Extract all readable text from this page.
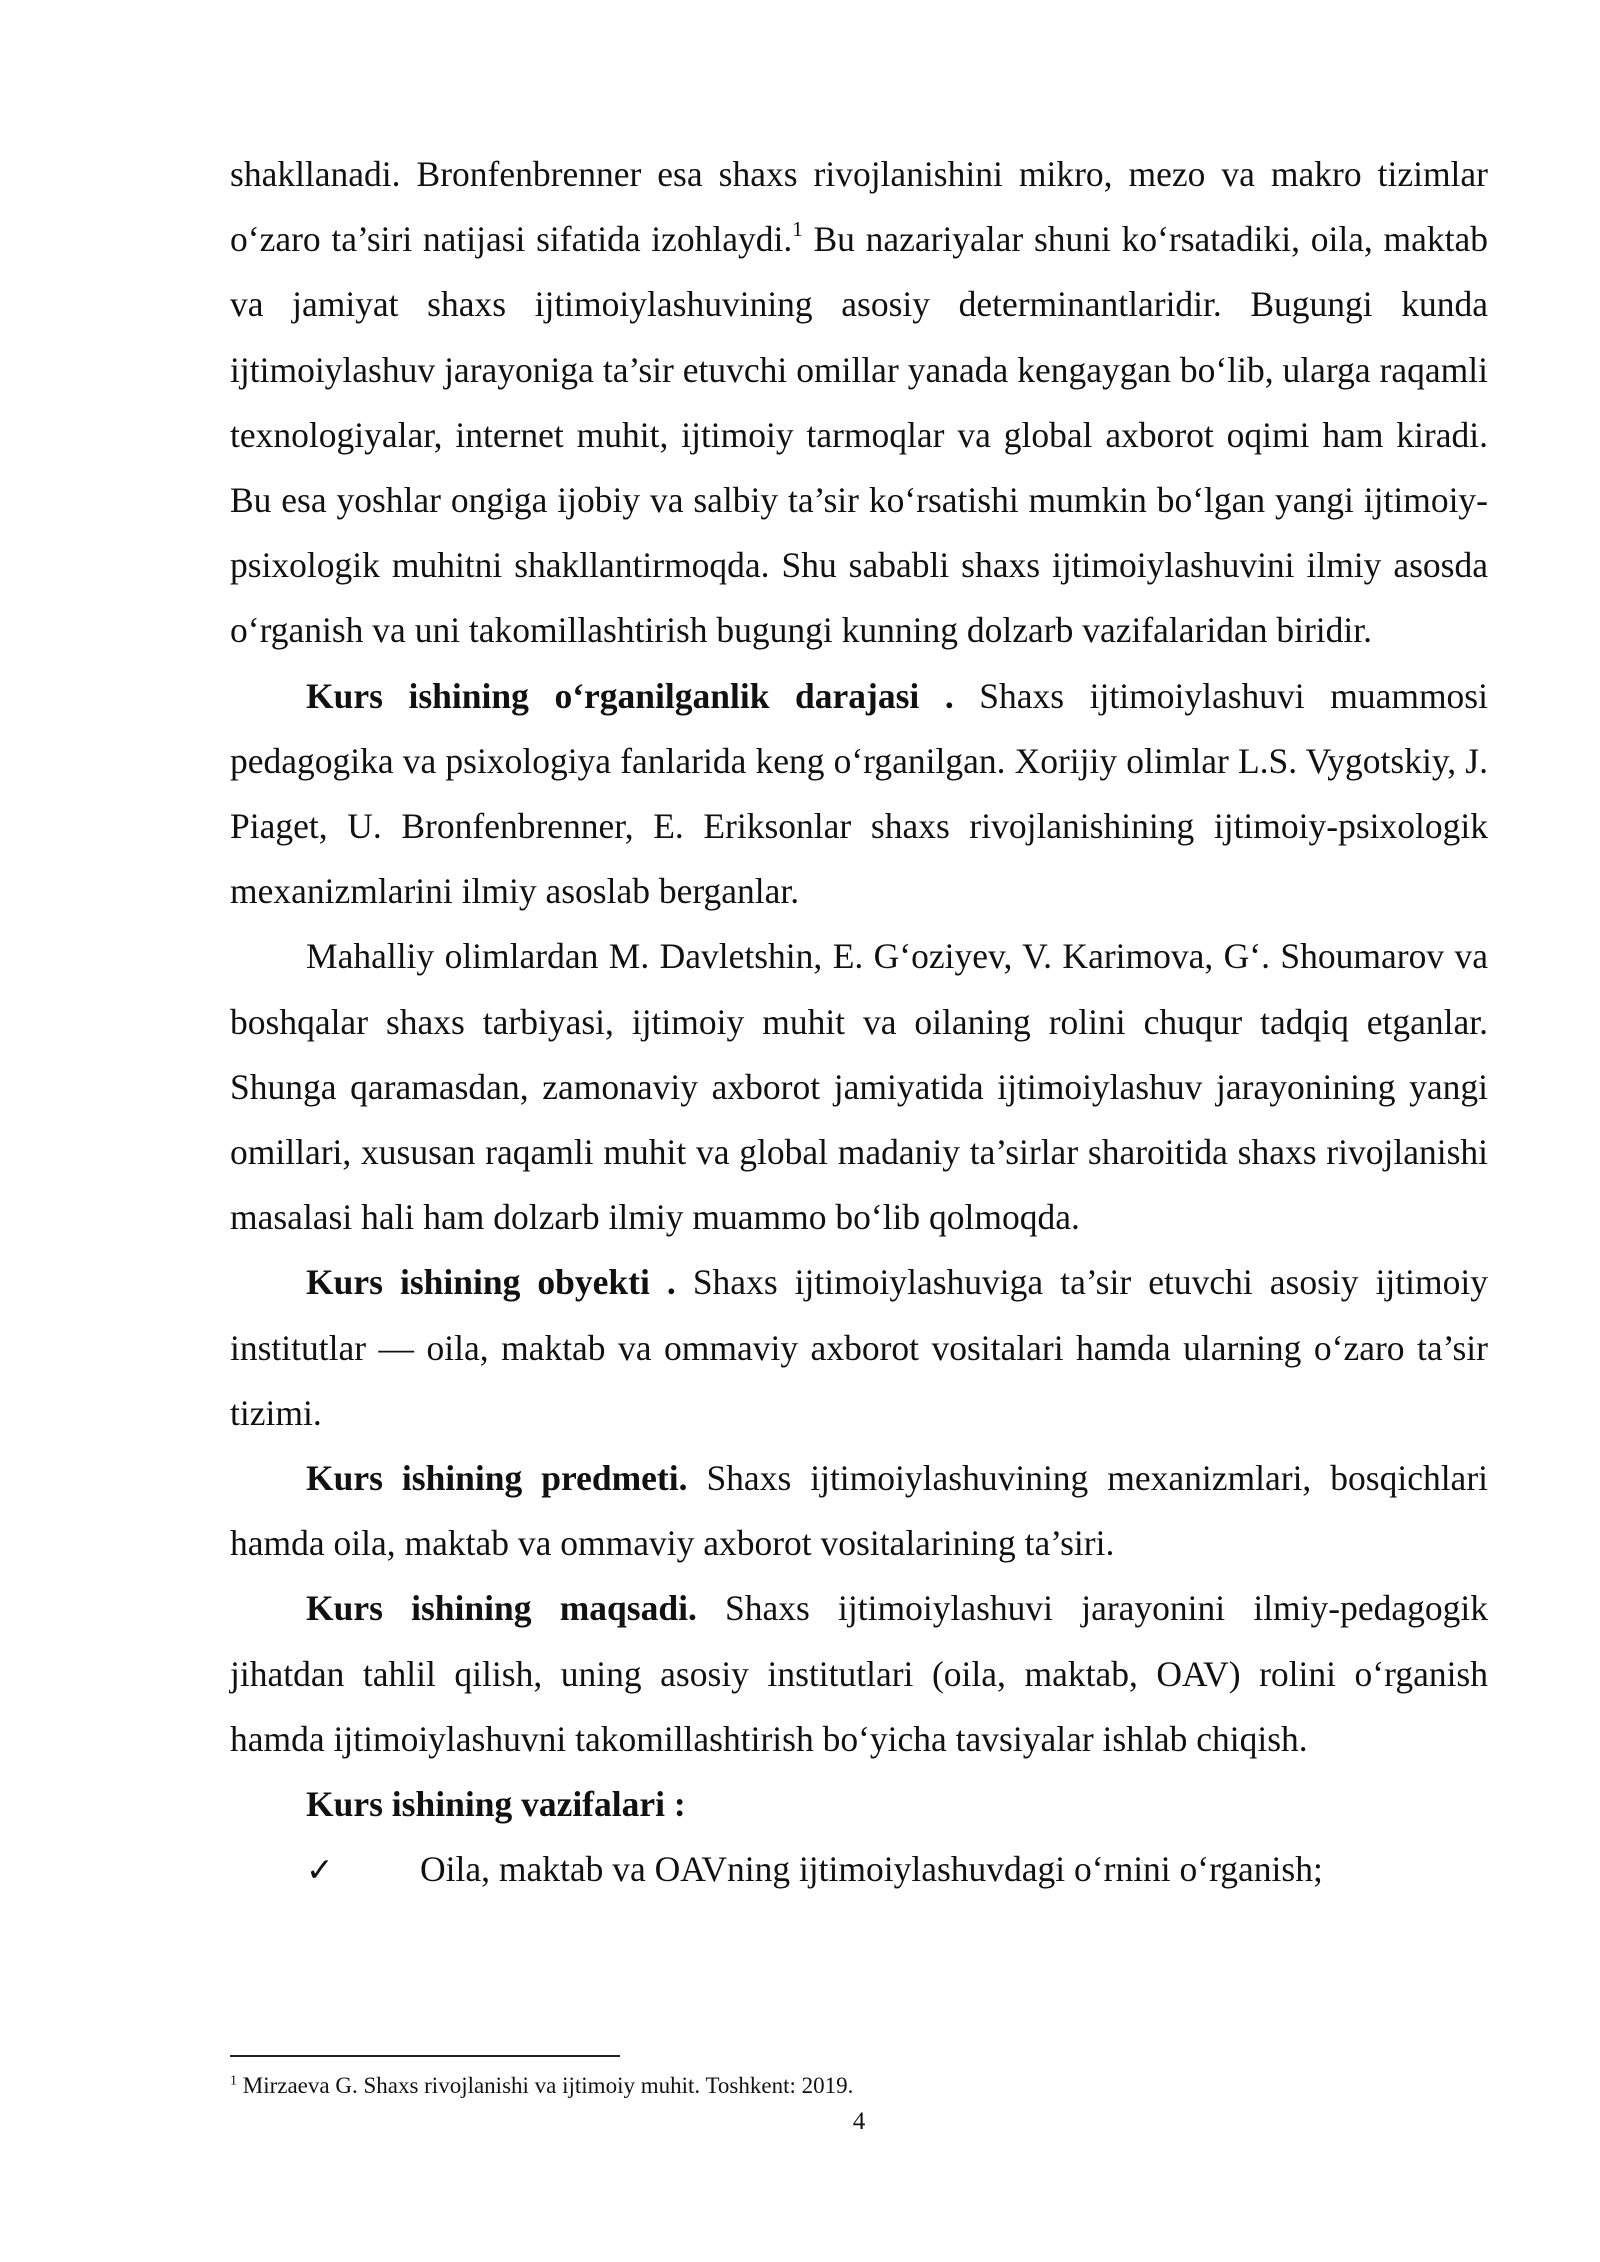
shakllanadi. Bronfenbrenner esa shaxs rivojlanishini mikro, mezo va makro tizimlar o‘zaro ta’siri natijasi sifatida izohlaydi.$^1$ Bu nazariyalar shuni ko‘rsatadiki, oila, maktab va jamiyat shaxs ijtimoiylashuvining asosiy determinantlaridir. Bugungi kunda ijtimoiylashuv jarayoniga ta’sir etuvchi omillar yanada kengaygan bo‘lib, ularga raqamli texnologiyalar, internet muhit, ijtimoiy tarmoqlar va global axborot oqimi ham kiradi. Bu esa yoshlar ongiga ijobiy va salbiy ta’sir ko‘rsatishi mumkin bo‘lgan yangi ijtimoiy-psixologik muhitni shakllantirmoqda. Shu sababli shaxs ijtimoiylashuvini ilmiy asosda o‘rganish va uni takomillashtirish bugungi kunning dolzarb vazifalaridan biridir.

Kurs ishining o‘rganilganlik darajasi . Shaxs ijtimoiylashuvi muammosi pedagogika va psixologiya fanlarida keng o‘rganilgan. Xorijiy olimlar L.S. Vygotskiy, J. Piaget, U. Bronfenbrenner, E. Eriksonlar shaxs rivojlanishining ijtimoiy-psixologik mexanizmlarini ilmiy asoslab berganlar.

Mahalliy olimlardan M. Davletshin, E. G‘oziyev, V. Karimova, G‘. Shoumarov va boshqalar shaxs tarbiyasi, ijtimoiy muhit va oilaning rolini chuqur tadqiq etganlar. Shunga qaramasdan, zamonaviy axborot jamiyatida ijtimoiylashuv jarayonining yangi omillari, xususan raqamli muhit va global madaniy ta’sirlar sharoitida shaxs rivojlanishi masalasi hali ham dolzarb ilmiy muammo bo‘lib qolmoqda.

Kurs ishining obyekti . Shaxs ijtimoiylashuviga ta’sir etuvchi asosiy ijtimoiy institutlar — oila, maktab va ommaviy axborot vositalari hamda ularning o‘zaro ta’sir tizimi.

Kurs ishining predmeti. Shaxs ijtimoiylashuvining mexanizmlari, bosqichlari hamda oila, maktab va ommaviy axborot vositalarining ta’siri.

Kurs ishining maqsadi. Shaxs ijtimoiylashuvi jarayonini ilmiy-pedagogik jihatdan tahlil qilish, uning asosiy institutlari (oila, maktab, OAV) rolini o‘rganish hamda ijtimoiylashuvni takomillashtirish bo‘yicha tavsiyalar ishlab chiqish.

Kurs ishining vazifalari :

✓	Oila, maktab va OAVning ijtimoiylashuvdagi o‘rnini o‘rganish;
$^1$ Mirzaeva G. Shaxs rivojlanishi va ijtimoiy muhit. Toshkent: 2019.
4
